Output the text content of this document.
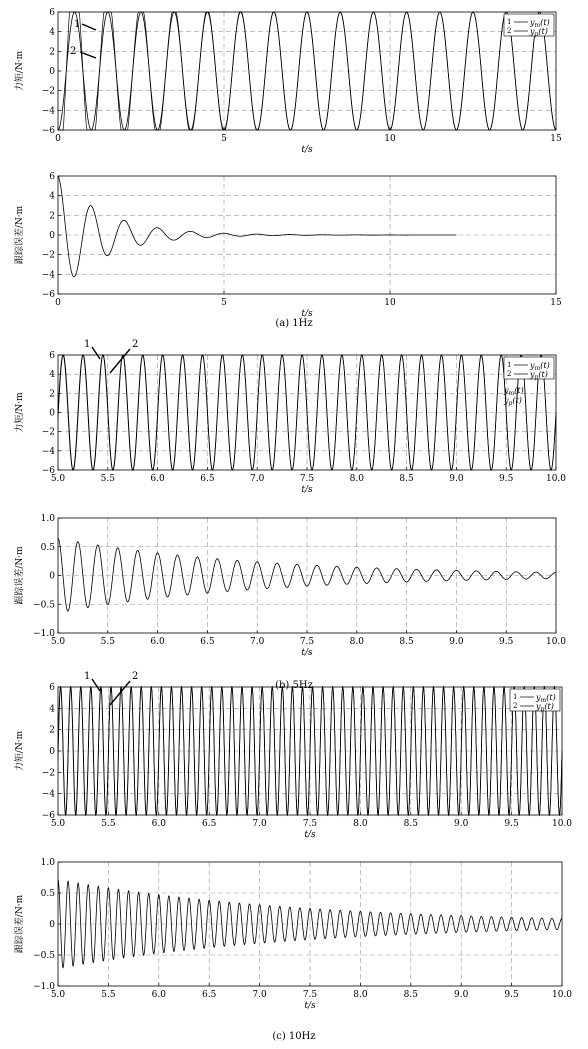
0	5	10	15
−6
−4
−2
0
2
4
6
t/s
力矩/N·m
1 $y_m(t)$
2 $y_p(t)$
1
2
0	5	10	15
−6
−4
−2
0
2
4
6
t/s
跟踪误差/N·m
5.0	5.5	6.0	6.5	7.0	7.5	8.0	8.5	9.0	9.5	10.0
−6
−4
−2
0
2
4
6
t/s
力矩/N·m
1 $y_m(t)$
2 $y_p(t)$
$y_m(t)$
$y_p(t)$
1	2
5.0	5.5	6.0	6.5	7.0	7.5	8.0	8.5	9.0	9.5	10.0
−1.0
−0.5
0
0.5
1.0
t/s
跟踪误差/N·m
5.0	5.5	6.0	6.5	7.0	7.5	8.0	8.5	9.0	9.5	10.0
−6
−4
−2
0
2
4
6
t/s
力矩/N·m
1 $y_m(t)$
2 $y_p(t)$
1	2
5.0	5.5	6.0	6.5	7.0	7.5	8.0	8.5	9.0	9.5	10.0
−1.0
−0.5
0
0.5
1.0
t/s
跟踪误差/N·m
(a) 1Hz
(b) 5Hz
(c) 10Hz
